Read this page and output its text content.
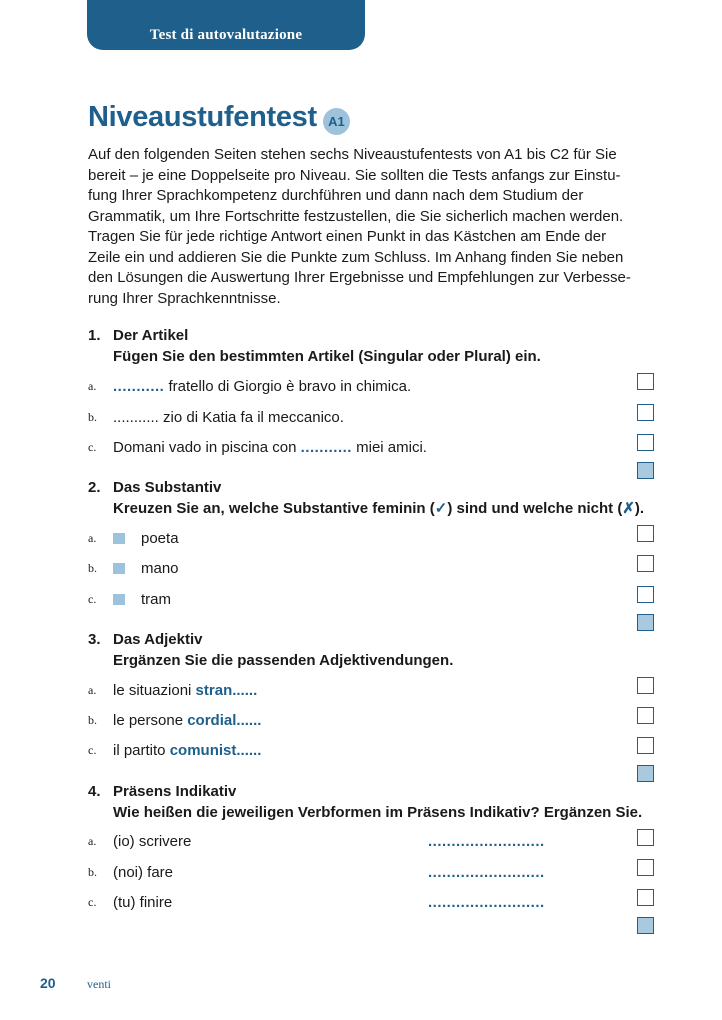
Test di autovalutazione
Niveaustufentest A1
Auf den folgenden Seiten stehen sechs Niveaustufentests von A1 bis C2 für Sie
bereit – je eine Doppelseite pro Niveau. Sie sollten die Tests anfangs zur Einstu-
fung Ihrer Sprachkompetenz durchführen und dann nach dem Studium der
Grammatik, um Ihre Fortschritte festzustellen, die Sie sicherlich machen werden.
Tragen Sie für jede richtige Antwort einen Punkt in das Kästchen am Ende der
Zeile ein und addieren Sie die Punkte zum Schluss. Im Anhang finden Sie neben
den Lösungen die Auswertung Ihrer Ergebnisse und Empfehlungen zur Verbesse-
rung Ihrer Sprachkenntnisse.
1. Der Artikel
Fügen Sie den bestimmten Artikel (Singular oder Plural) ein.
a.	........... fratello di Giorgio è bravo in chimica.
b.	........... zio di Katia fa il meccanico.
c.	Domani vado in piscina con ........... miei amici.
2. Das Substantiv
Kreuzen Sie an, welche Substantive feminin (✓) sind und welche nicht (✗).
a.	poeta
b.	mano
c.	tram
3. Das Adjektiv
Ergänzen Sie die passenden Adjektivendungen.
a.	le situazioni stran......
b.	le persone cordial......
c.	il partito comunist......
4. Präsens Indikativ
Wie heißen die jeweiligen Verbformen im Präsens Indikativ? Ergänzen Sie.
a.	(io) scrivere	.........................
b.	(noi) fare	.........................
c.	(tu) finire	.........................
20	venti
